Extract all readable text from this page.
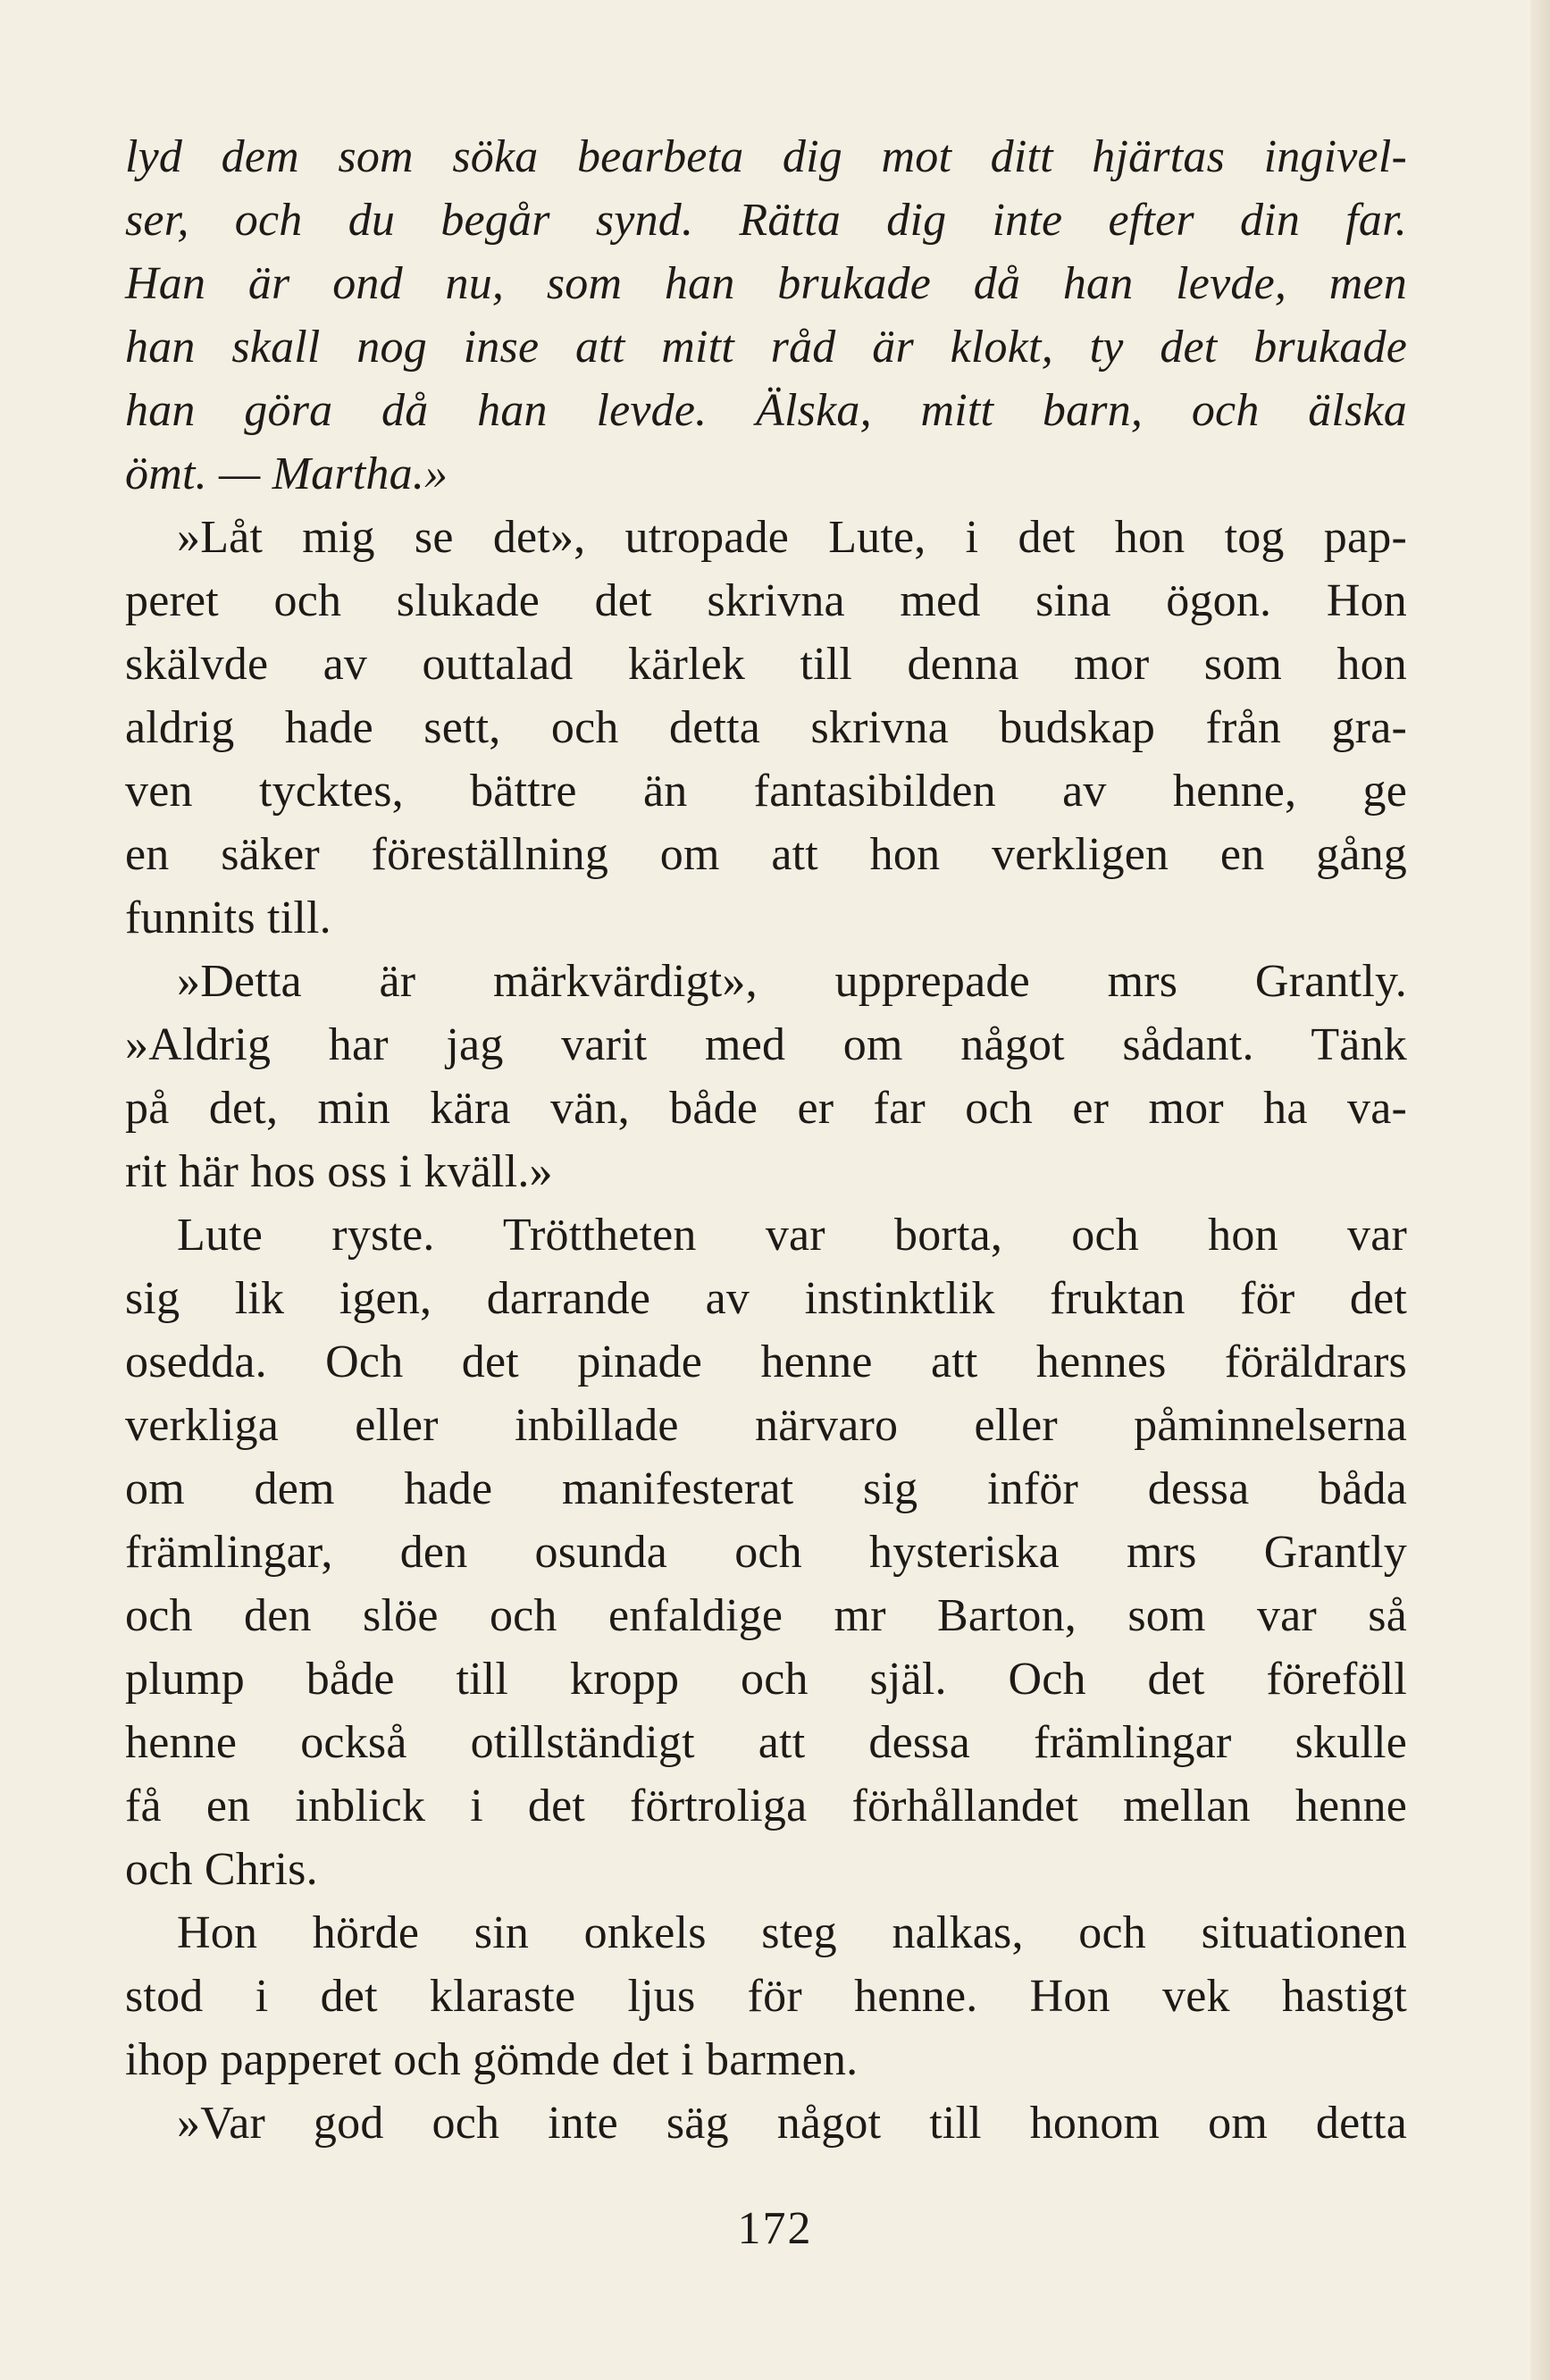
lyd dem som söka bearbeta dig mot ditt hjärtas ingivel-
ser, och du begår synd. Rätta dig inte efter din far.
Han är ond nu, som han brukade då han levde, men
han skall nog inse att mitt råd är klokt, ty det brukade
han göra då han levde. Älska, mitt barn, och älska
ömt. — Martha.»
»Låt mig se det», utropade Lute, i det hon tog pap-
peret och slukade det skrivna med sina ögon. Hon
skälvde av outtalad kärlek till denna mor som hon
aldrig hade sett, och detta skrivna budskap från gra-
ven tycktes, bättre än fantasibilden av henne, ge
en säker föreställning om att hon verkligen en gång
funnits till.
»Detta är märkvärdigt», upprepade mrs Grantly.
»Aldrig har jag varit med om något sådant. Tänk
på det, min kära vän, både er far och er mor ha va-
rit här hos oss i kväll.»
Lute ryste. Tröttheten var borta, och hon var
sig lik igen, darrande av instinktlik fruktan för det
osedda. Och det pinade henne att hennes föräldrars
verkliga eller inbillade närvaro eller påminnelserna
om dem hade manifesterat sig inför dessa båda
främlingar, den osunda och hysteriska mrs Grantly
och den slöe och enfaldige mr Barton, som var så
plump både till kropp och själ. Och det föreföll
henne också otillständigt att dessa främlingar skulle
få en inblick i det förtroliga förhållandet mellan henne
och Chris.
Hon hörde sin onkels steg nalkas, och situationen
stod i det klaraste ljus för henne. Hon vek hastigt
ihop papperet och gömde det i barmen.
»Var god och inte säg något till honom om detta
172
